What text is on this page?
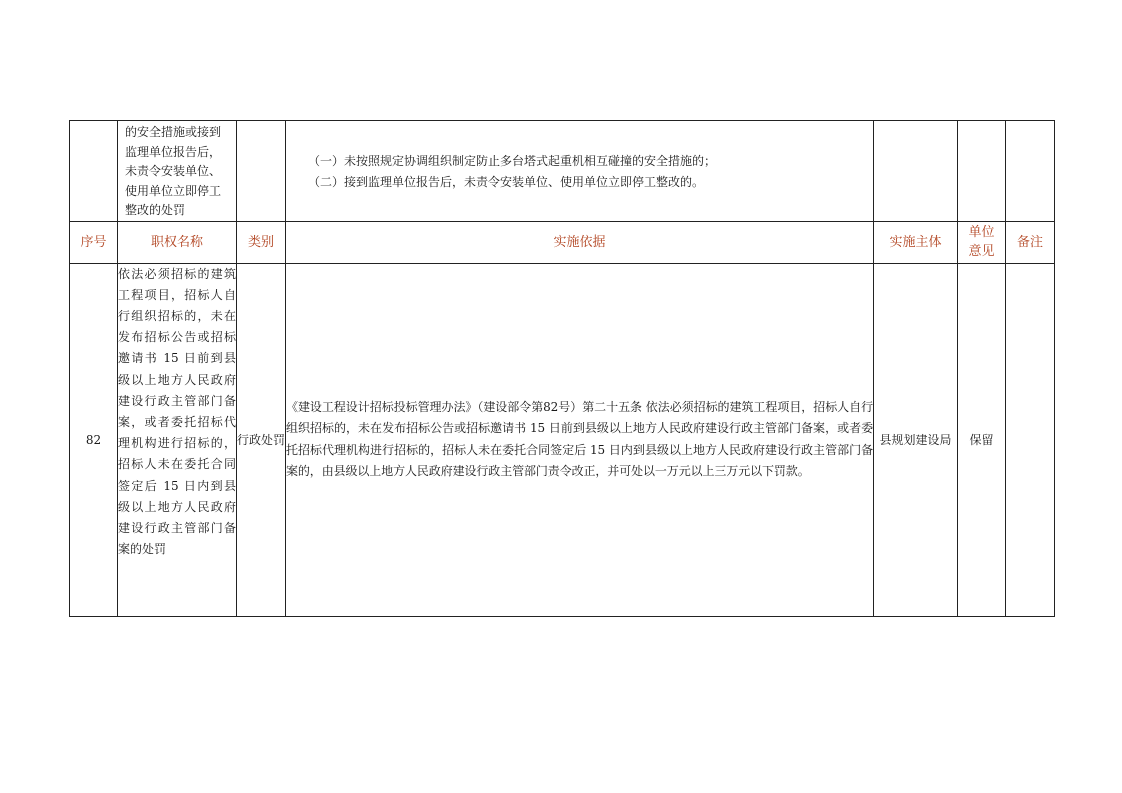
	的安全措施或接到监理单位报告后，未责令安装单位、使用单位立即停工整改的处罚		（一）未按照规定协调组织制定防止多台塔式起重机相互碰撞的安全措施的；
（二）接到监理单位报告后，未责令安装单位、使用单位立即停工整改的。			

序号	职权名称	类别	实施依据	实施主体	单位意见	备注
82	依法必须招标的建筑工程项目，招标人自行组织招标的，未在发布招标公告或招标邀请书 15 日前到县级以上地方人民政府建设行政主管部门备案，或者委托招标代理机构进行招标的，招标人未在委托合同签定后 15 日内到县级以上地方人民政府建设行政主管部门备案的处罚	行政处罚	《建设工程设计招标投标管理办法》（建设部令第82号）第二十五条 依法必须招标的建筑工程项目，招标人自行组织招标的，未在发布招标公告或招标邀请书 15 日前到县级以上地方人民政府建设行政主管部门备案，或者委托招标代理机构进行招标的，招标人未在委托合同签定后 15 日内到县级以上地方人民政府建设行政主管部门备案的，由县级以上地方人民政府建设行政主管部门责令改正，并可处以一万元以上三万元以下罚款。	县规划建设局	保留	
